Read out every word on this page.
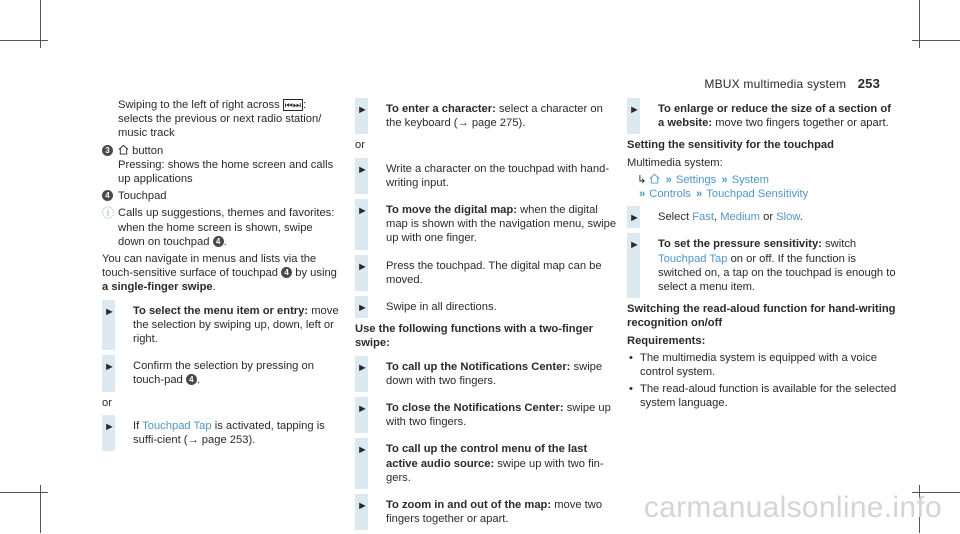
MBUX multimedia system 253
Swiping to the left of right across ⏮⏭ : selects the previous or next radio station/ music track
3 button
Pressing: shows the home screen and calls up applications
4 Touchpad
ⓘ Calls up suggestions, themes and favorites: when the home screen is shown, swipe down on touchpad 4 .
You can navigate in menus and lists via the touch-sensitive surface of touchpad 4 by using a single-finger swipe.
► To select the menu item or entry: move the selection by swiping up, down, left or right.
► Confirm the selection by pressing on touch-pad 4 .
or
► If Touchpad Tap is activated, tapping is suffi-cient (→ page 253).
► To enter a character: select a character on the keyboard (→ page 275).
or
► Write a character on the touchpad with hand-writing input.
► To move the digital map: when the digital map is shown with the navigation menu, swipe up with one finger.
► Press the touchpad. The digital map can be moved.
► Swipe in all directions.
Use the following functions with a two-finger swipe:
► To call up the Notifications Center: swipe down with two fingers.
► To close the Notifications Center: swipe up with two fingers.
► To call up the control menu of the last active audio source: swipe up with two fin-gers.
► To zoom in and out of the map: move two fingers together or apart.
► To enlarge or reduce the size of a section of a website: move two fingers together or apart.
Setting the sensitivity for the touchpad
Multimedia system:
↳ » Settings » System
» Controls » Touchpad Sensitivity
► Select Fast, Medium or Slow.
► To set the pressure sensitivity: switch Touchpad Tap on or off. If the function is switched on, a tap on the touchpad is enough to select a menu item.
Switching the read-aloud function for hand-writing recognition on/off
Requirements:
• The multimedia system is equipped with a voice control system.
• The read-aloud function is available for the selected system language.
carmanualsonline.info
